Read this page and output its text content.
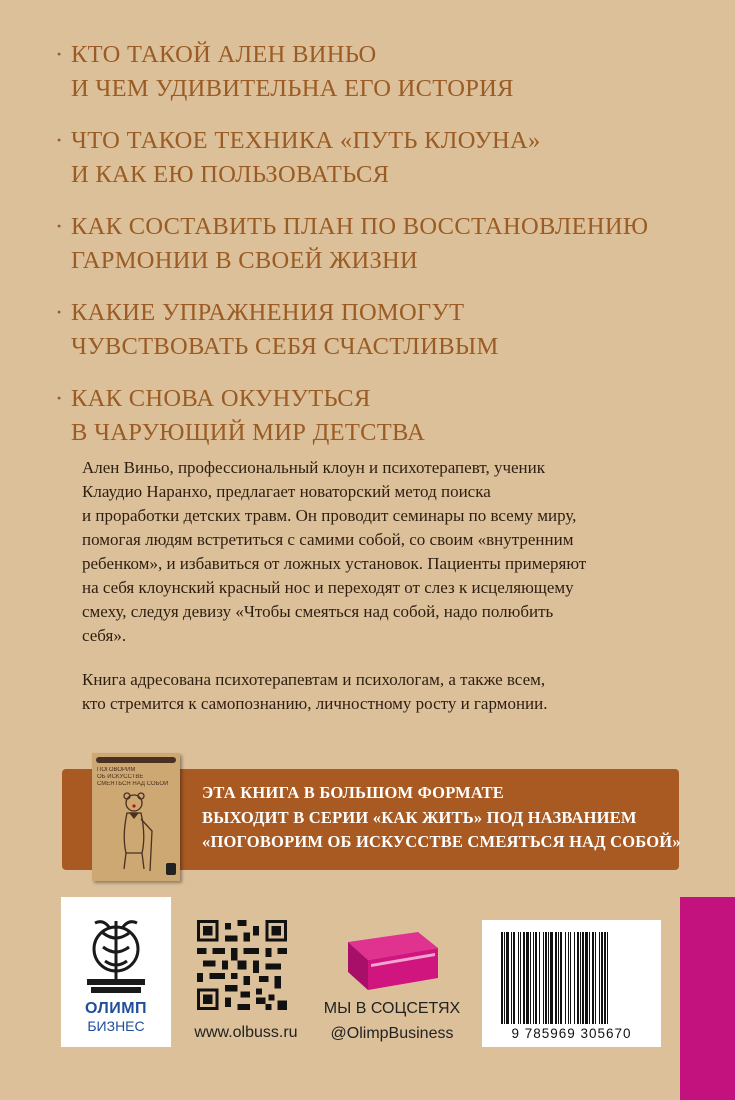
· КТО ТАКОЙ АЛЕН ВИНЬО
И ЧЕМ УДИВИТЕЛЬНА ЕГО ИСТОРИЯ
· ЧТО ТАКОЕ ТЕХНИКА «ПУТЬ КЛОУНА»
И КАК ЕЮ ПОЛЬЗОВАТЬСЯ
· КАК СОСТАВИТЬ ПЛАН ПО ВОССТАНОВЛЕНИЮ
ГАРМОНИИ В СВОЕЙ ЖИЗНИ
· КАКИЕ УПРАЖНЕНИЯ ПОМОГУТ
ЧУВСТВОВАТЬ СЕБЯ СЧАСТЛИВЫМ
· КАК СНОВА ОКУНУТЬСЯ
В ЧАРУЮЩИЙ МИР ДЕТСТВА
Ален Виньо, профессиональный клоун и психотерапевт, ученик
Клаудио Наранхо, предлагает новаторский метод поиска
и проработки детских травм. Он проводит семинары по всему миру,
помогая людям встретиться с самими собой, со своим «внутренним
ребенком», и избавиться от ложных установок. Пациенты примеряют
на себя клоунский красный нос и переходят от слез к исцеляющему
смеху, следуя девизу «Чтобы смеяться над собой, надо полюбить
себя».
Книга адресована психотерапевтам и психологам, а также всем,
кто стремится к самопознанию, личностному росту и гармонии.
ЭТА КНИГА В БОЛЬШОМ ФОРМАТЕ
ВЫХОДИТ В СЕРИИ «КАК ЖИТЬ» ПОД НАЗВАНИЕМ
«ПОГОВОРИМ ОБ ИСКУССТВЕ СМЕЯТЬСЯ НАД СОБОЙ»
ПОГОВОРИМ
ОБ ИСКУССТВЕ
СМЕЯТЬСЯ НАД СОБОЙ
ОЛИМП
БИЗНЕС	www.olbuss.ru
МЫ В СОЦСЕТЯХ
@OlimpBusiness	9 785969 305670
